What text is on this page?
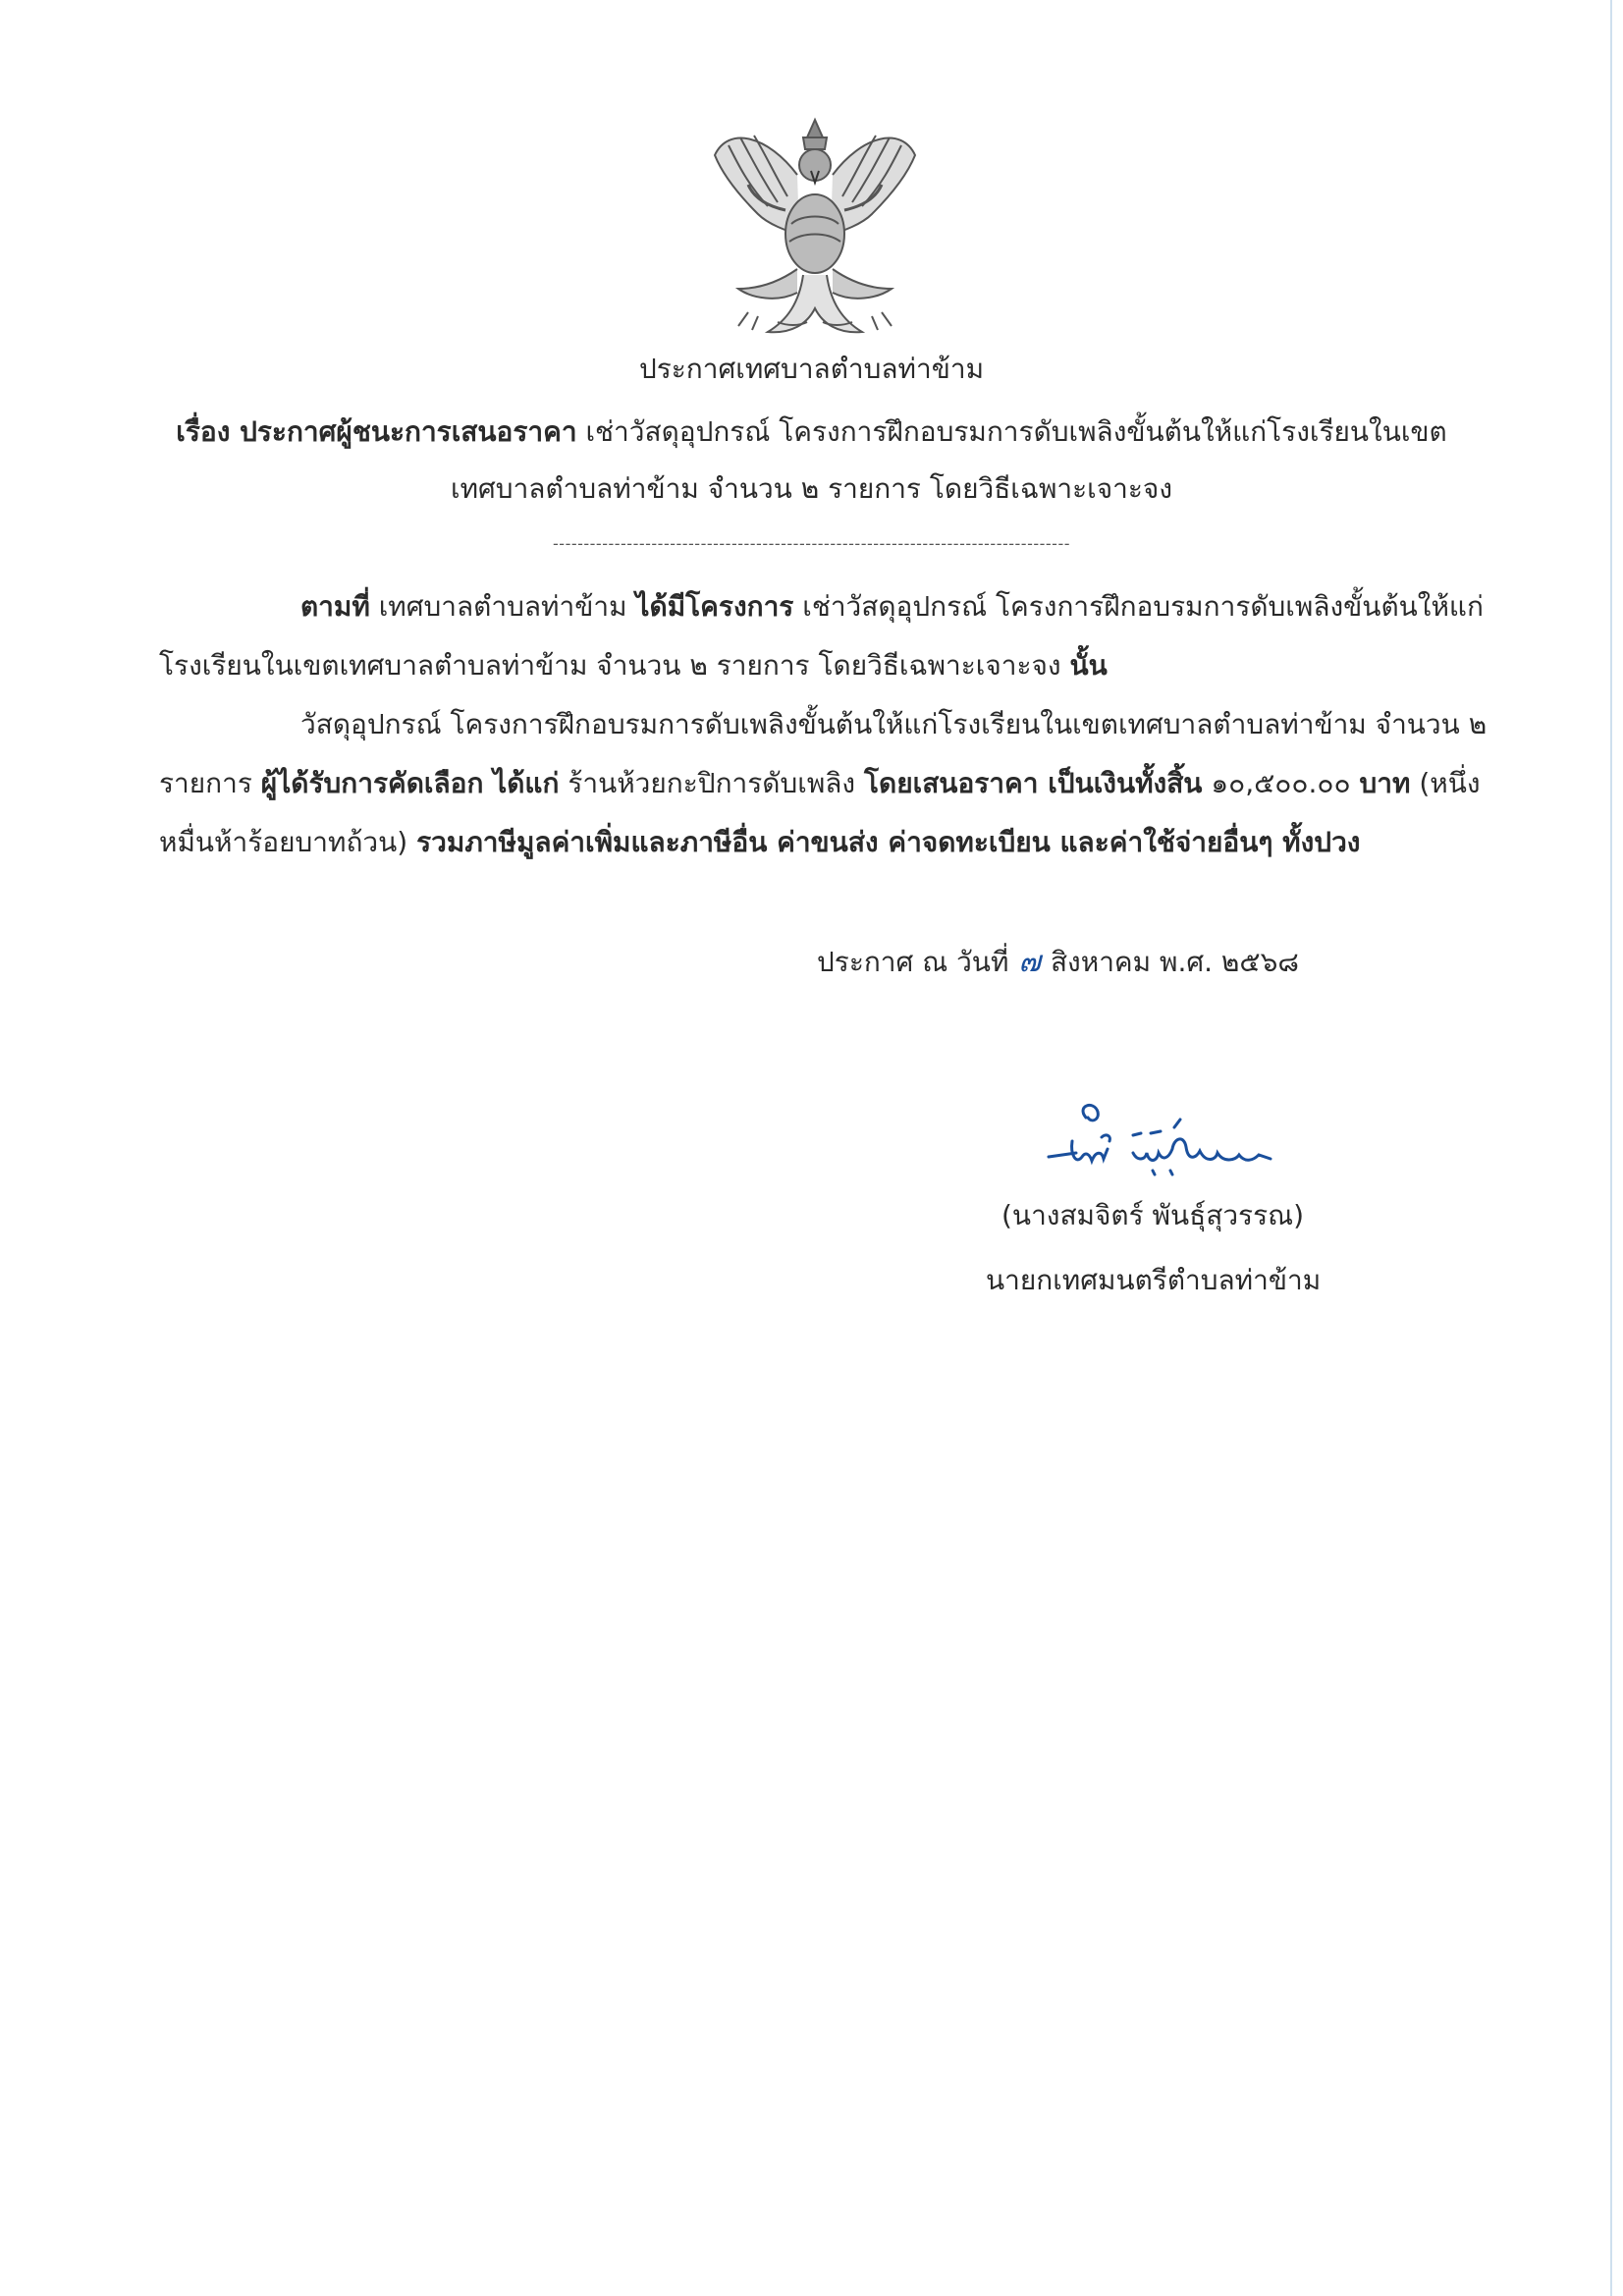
ประกาศเทศบาลตำบลท่าข้าม
เรื่อง ประกาศผู้ชนะการเสนอราคา เช่าวัสดุอุปกรณ์ โครงการฝึกอบรมการดับเพลิงขั้นต้นให้แก่โรงเรียนในเขต
เทศบาลตำบลท่าข้าม จำนวน ๒ รายการ โดยวิธีเฉพาะเจาะจง
------------------------------------------------------------------------------------
ตามที่ เทศบาลตำบลท่าข้าม ได้มีโครงการ เช่าวัสดุอุปกรณ์ โครงการฝึกอบรมการดับเพลิงขั้นต้นให้แก่
โรงเรียนในเขตเทศบาลตำบลท่าข้าม จำนวน ๒ รายการ โดยวิธีเฉพาะเจาะจง นั้น
วัสดุอุปกรณ์ โครงการฝึกอบรมการดับเพลิงขั้นต้นให้แก่โรงเรียนในเขตเทศบาลตำบลท่าข้าม จำนวน ๒
รายการ ผู้ได้รับการคัดเลือก ได้แก่ ร้านห้วยกะปิการดับเพลิง โดยเสนอราคา เป็นเงินทั้งสิ้น ๑๐,๕๐๐.๐๐ บาท (หนึ่ง
หมื่นห้าร้อยบาทถ้วน) รวมภาษีมูลค่าเพิ่มและภาษีอื่น ค่าขนส่ง ค่าจดทะเบียน และค่าใช้จ่ายอื่นๆ ทั้งปวง
ประกาศ ณ วันที่ ๗ สิงหาคม พ.ศ. ๒๕๖๘
(นางสมจิตร์ พันธุ์สุวรรณ)
นายกเทศมนตรีตำบลท่าข้าม
